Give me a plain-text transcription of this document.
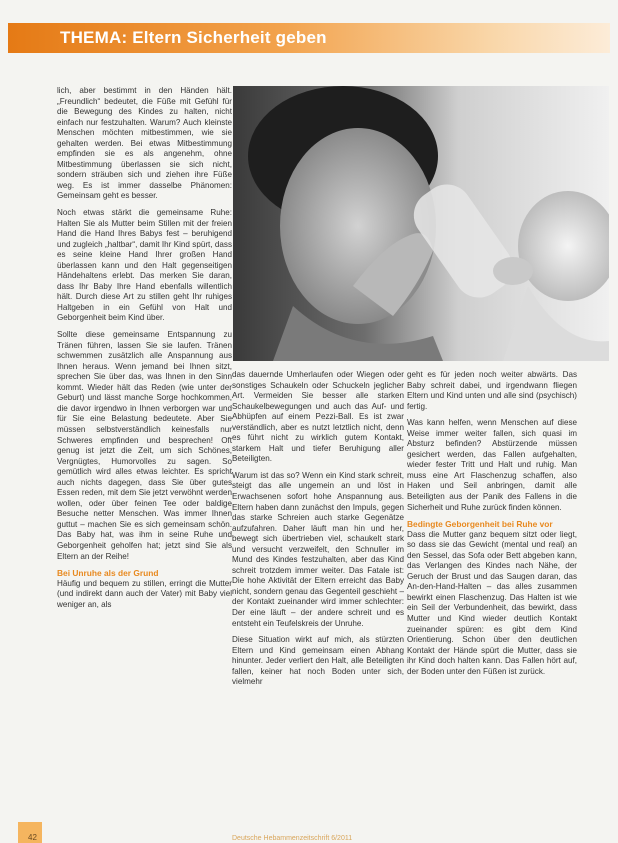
THEMA: Eltern Sicherheit geben

lich, aber bestimmt in den Händen hält. „Freundlich“ bedeutet, die Füße mit Gefühl für die Bewegung des Kindes zu halten, nicht einfach nur festzuhalten. Warum? Auch kleinste Menschen möchten mitbestimmen, wie sie gehalten werden. Bei etwas Mitbestimmung empfinden sie es als angenehm, ohne Mitbestimmung überlassen sie sich nicht, sondern sträuben sich und ziehen ihre Füße weg. Es ist immer dasselbe Phänomen: Gemeinsam geht es besser.

Noch etwas stärkt die gemeinsame Ruhe: Halten Sie als Mutter beim Stillen mit der freien Hand die Hand Ihres Babys fest – beruhigend und zugleich „haltbar“, damit Ihr Kind spürt, dass es seine kleine Hand Ihrer großen Hand überlassen kann und den Halt gegenseitigen Händehaltens erlebt. Das merken Sie daran, dass Ihr Baby Ihre Hand ebenfalls willentlich hält. Durch diese Art zu stillen geht Ihr ruhiges Haltgeben in ein Gefühl von Halt und Geborgenheit beim Kind über.

Sollte diese gemeinsame Entspannung zu Tränen führen, lassen Sie sie laufen. Tränen schwemmen zusätzlich alle Anspannung aus Ihnen heraus. Wenn jemand bei Ihnen sitzt, sprechen Sie über das, was Ihnen in den Sinn kommt. Wieder hält das Reden (wie unter der Geburt) und lässt manche Sorge hochkommen, die davor irgendwo in Ihnen verborgen war und für Sie eine Belastung bedeutete. Aber Sie müssen selbstverständlich keinesfalls nur Schweres empfinden und besprechen! Oft genug ist jetzt die Zeit, um sich Schönes, Vergnügtes, Humorvolles zu sagen. So gemütlich wird alles etwas leichter. Es spricht auch nichts dagegen, dass Sie über gutes Essen reden, mit dem Sie jetzt verwöhnt werden wollen, oder über feinen Tee oder baldige Besuche netter Menschen. Was immer Ihnen guttut – machen Sie es sich gemeinsam schön. Das Baby hat, was ihm in seine Ruhe und Geborgenheit geholfen hat; jetzt sind Sie als Eltern an der Reihe!

Bei Unruhe als der Grund

Häufig und bequem zu stillen, erringt die Mutter (und indirekt dann auch der Vater) mit Baby viel weniger an, als

das dauernde Umherlaufen oder Wiegen oder sonstiges Schaukeln oder Schuckeln jeglicher Art. Vermeiden Sie besser alle starken Schaukelbewegungen und auch das Auf- und Abhüpfen auf einem Pezzi-Ball. Es ist zwar verständlich, aber es nutzt letztlich nicht, denn es führt nicht zu wirklich gutem Kontakt, starkem Halt und tiefer Beruhigung aller Beteiligten.

Warum ist das so? Wenn ein Kind stark schreit, steigt das alle ungemein an und löst in Erwachsenen sofort hohe Anspannung aus. Eltern haben dann zunächst den Impuls, gegen das starke Schreien auch starke Gegenätze aufzufahren. Daher läuft man hin und her, bewegt sich übertrieben viel, schaukelt stark und versucht verzweifelt, den Schnuller im Mund des Kindes festzuhalten, aber das Kind schreit trotzdem immer weiter. Das Fatale ist: Die hohe Aktivität der Eltern erreicht das Baby nicht, sondern genau das Gegenteil geschieht – der Kontakt zueinander wird immer schlechter: Der eine läuft – der andere schreit und es entsteht ein Teufelskreis der Unruhe.

Diese Situation wirkt auf mich, als stürzten Eltern und Kind gemeinsam einen Abhang hinunter. Jeder verliert den Halt, alle Beteiligten fallen, keiner hat noch Boden unter sich, vielmehr

geht es für jeden noch weiter abwärts. Das Baby schreit dabei, und irgendwann fliegen Eltern und Kind unten und alle sind (psychisch) fertig.

Was kann helfen, wenn Menschen auf diese Weise immer weiter fallen, sich quasi im Absturz befinden? Abstürzende müssen gesichert werden, das Fallen aufgehalten, wieder fester Tritt und Halt und ruhig. Man muss eine Art Flaschenzug schaffen, also Haken und Seil anbringen, damit alle Beteiligten aus der Panik des Fallens in die Sicherheit und Ruhe zurück finden können.

Bedingte Geborgenheit bei Ruhe vor

Dass die Mutter ganz bequem sitzt oder liegt, so dass sie das Gewicht (mental und real) an den Sessel, das Sofa oder Bett abgeben kann, das Verlangen des Kindes nach Nähe, der Geruch der Brust und das Saugen daran, das An-den-Hand-Halten – das alles zusammen bewirkt einen Flaschenzug. Das Halten ist wie ein Seil der Verbundenheit, das bewirkt, dass Mutter und Kind wieder deutlich Kontakt zueinander spüren: es gibt dem Kind Orientierung. Schon über den deutlichen Kontakt der Hände spürt die Mutter, dass sie ihr Kind doch halten kann. Das Fallen hört auf, der Boden unter den Füßen ist zurück.

42	Deutsche Hebammenzeitschrift 6/2011
